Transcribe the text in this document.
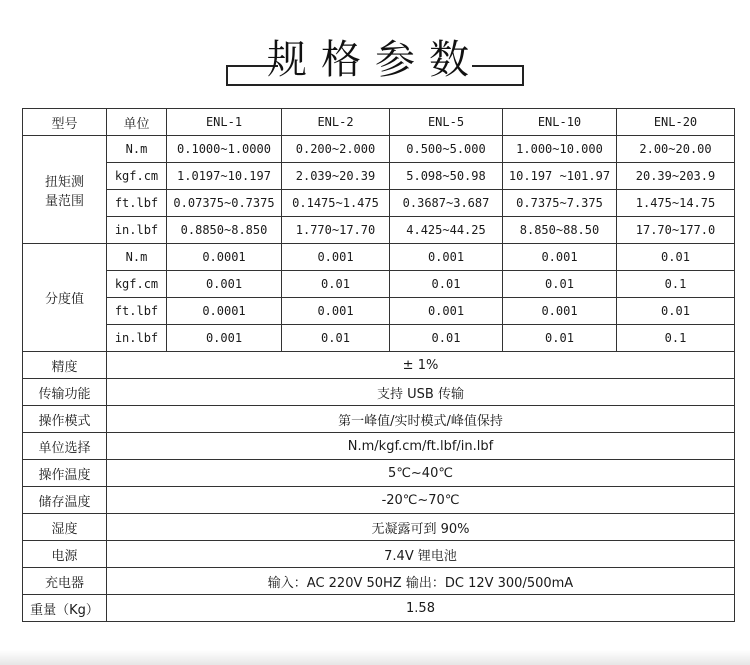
规格参数
型号	单位	ENL-1	ENL-2	ENL-5	ENL-10	ENL-20
扭矩测
量范围	N.m	0.1000~1.0000	0.200~2.000	0.500~5.000	1.000~10.000	2.00~20.00
	kgf.cm	1.0197~10.197	2.039~20.39	5.098~50.98	10.197 ~101.97	20.39~203.9
	ft.lbf	0.07375~0.7375	0.1475~1.475	0.3687~3.687	0.7375~7.375	1.475~14.75
	in.lbf	0.8850~8.850	1.770~17.70	4.425~44.25	8.850~88.50	17.70~177.0
分度值	N.m	0.0001	0.001	0.001	0.001	0.01
	kgf.cm	0.001	0.01	0.01	0.01	0.1
	ft.lbf	0.0001	0.001	0.001	0.001	0.01
	in.lbf	0.001	0.01	0.01	0.01	0.1
精度	± 1%					
传输功能	支持 USB 传输					
操作模式	第一峰值/实时模式/峰值保持					
单位选择	N.m/kgf.cm/ft.lbf/in.lbf					
操作温度	5℃~40℃					
储存温度	-20℃~70℃					
湿度	无凝露可到 90%					
电源	7.4V 锂电池					
充电器	输入：AC 220V 50HZ 输出：DC 12V 300/500mA					
重量（Kg）	1.58					
